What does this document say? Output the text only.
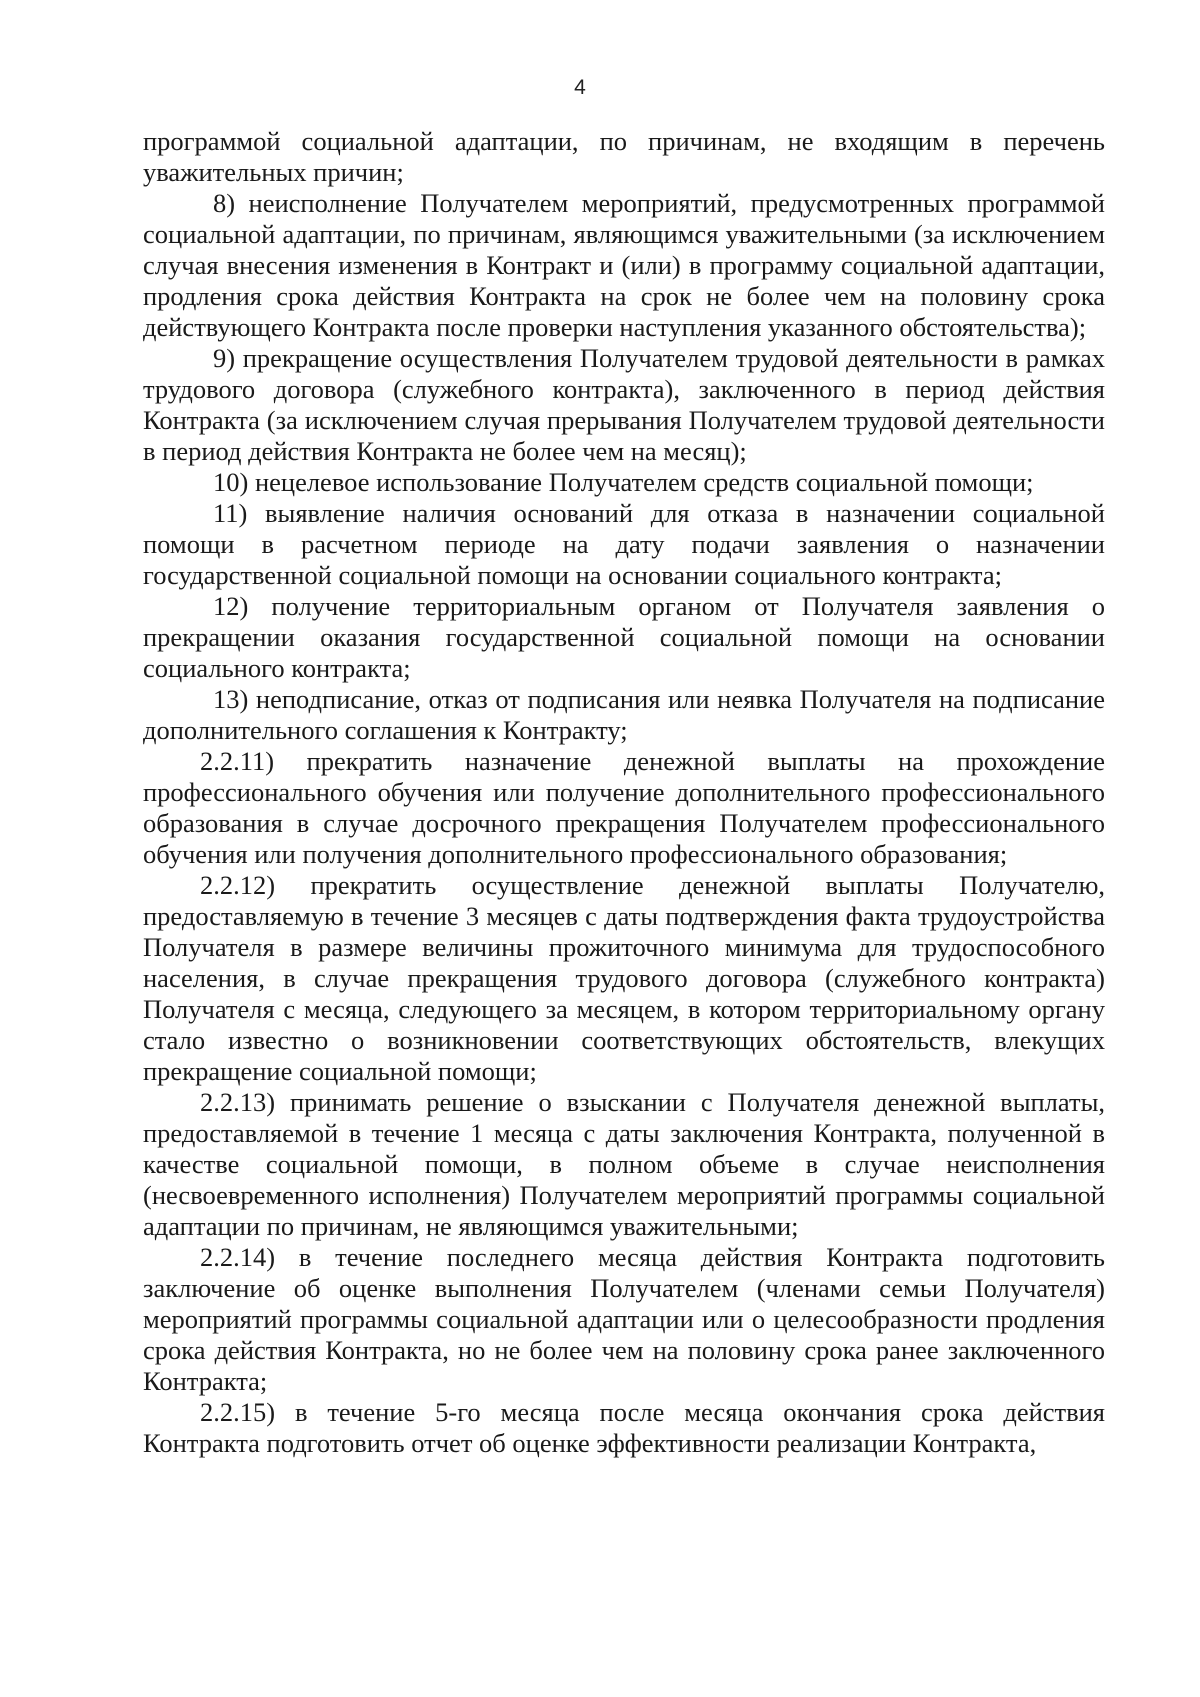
4

программой социальной адаптации, по причинам, не входящим в перечень уважительных причин;

8) неисполнение Получателем мероприятий, предусмотренных программой социальной адаптации, по причинам, являющимся уважительными (за исключением случая внесения изменения в Контракт и (или) в программу социальной адаптации, продления срока действия Контракта на срок не более чем на половину срока действующего Контракта после проверки наступления указанного обстоятельства);

9) прекращение осуществления Получателем трудовой деятельности в рамках трудового договора (служебного контракта), заключенного в период действия Контракта (за исключением случая прерывания Получателем трудовой деятельности в период действия Контракта не более чем на месяц);

10) нецелевое использование Получателем средств социальной помощи;

11) выявление наличия оснований для отказа в назначении социальной помощи в расчетном периоде на дату подачи заявления о назначении государственной социальной помощи на основании социального контракта;

12) получение территориальным органом от Получателя заявления о прекращении оказания государственной социальной помощи на основании социального контракта;

13) неподписание, отказ от подписания или неявка Получателя на подписание дополнительного соглашения к Контракту;

2.2.11) прекратить назначение денежной выплаты на прохождение профессионального обучения или получение дополнительного профессионального образования в случае досрочного прекращения Получателем профессионального обучения или получения дополнительного профессионального образования;

2.2.12) прекратить осуществление денежной выплаты Получателю, предоставляемую в течение 3 месяцев с даты подтверждения факта трудоустройства Получателя в размере величины прожиточного минимума для трудоспособного населения, в случае прекращения трудового договора (служебного контракта) Получателя с месяца, следующего за месяцем, в котором территориальному органу стало известно о возникновении соответствующих обстоятельств, влекущих прекращение социальной помощи;

2.2.13) принимать решение о взыскании с Получателя денежной выплаты, предоставляемой в течение 1 месяца с даты заключения Контракта, полученной в качестве социальной помощи, в полном объеме в случае неисполнения (несвоевременного исполнения) Получателем мероприятий программы социальной адаптации по причинам, не являющимся уважительными;

2.2.14) в течение последнего месяца действия Контракта подготовить заключение об оценке выполнения Получателем (членами семьи Получателя) мероприятий программы социальной адаптации или о целесообразности продления срока действия Контракта, но не более чем на половину срока ранее заключенного Контракта;

2.2.15) в течение 5-го месяца после месяца окончания срока действия Контракта подготовить отчет об оценке эффективности реализации Контракта,
